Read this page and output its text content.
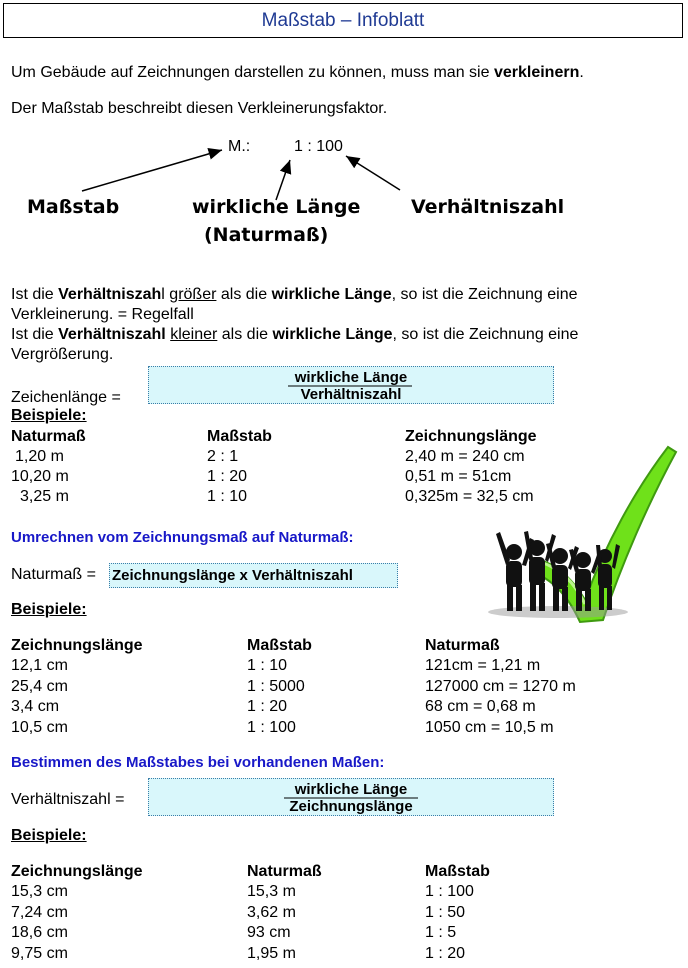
Maßstab – Infoblatt
Um Gebäude auf Zeichnungen darstellen zu können, muss man sie verkleinern.
Der Maßstab beschreibt diesen Verkleinerungsfaktor.
M.:	1 : 100
Maßstab	wirkliche Länge
(Naturmaß)
Verhältniszahl
Ist die Verhältniszahl größer als die wirkliche Länge, so ist die Zeichnung eine
Verkleinerung. = Regelfall
Ist die Verhältniszahl kleiner als die wirkliche Länge, so ist die Zeichnung eine
Vergrößerung.
Zeichenlänge =
wirkliche Länge
Verhältniszahl
Beispiele:
Naturmaß	Maßstab	Zeichnungslänge
1,20 m	2 : 1	2,40 m = 240 cm
10,20 m	1 : 20	0,51 m = 51cm
3,25 m	1 : 10	0,325m = 32,5 cm
Umrechnen vom Zeichnungsmaß auf Naturmaß:
Naturmaß = Zeichnungslänge x Verhältniszahl
Beispiele:
Zeichnungslänge	Maßstab	Naturmaß
12,1 cm	1 : 10	121cm = 1,21 m
25,4 cm	1 : 5000	127000 cm = 1270 m
3,4 cm	1 : 20	68 cm = 0,68 m
10,5 cm	1 : 100	1050 cm = 10,5 m
Bestimmen des Maßstabes bei vorhandenen Maßen:
Verhältniszahl =
wirkliche Länge
Zeichnungslänge
Beispiele:
Zeichnungslänge	Naturmaß	Maßstab
15,3 cm	15,3 m	1 : 100
7,24 cm	3,62 m	1 : 50
18,6 cm	93 cm	1 : 5
9,75 cm	1,95 m	1 : 20
